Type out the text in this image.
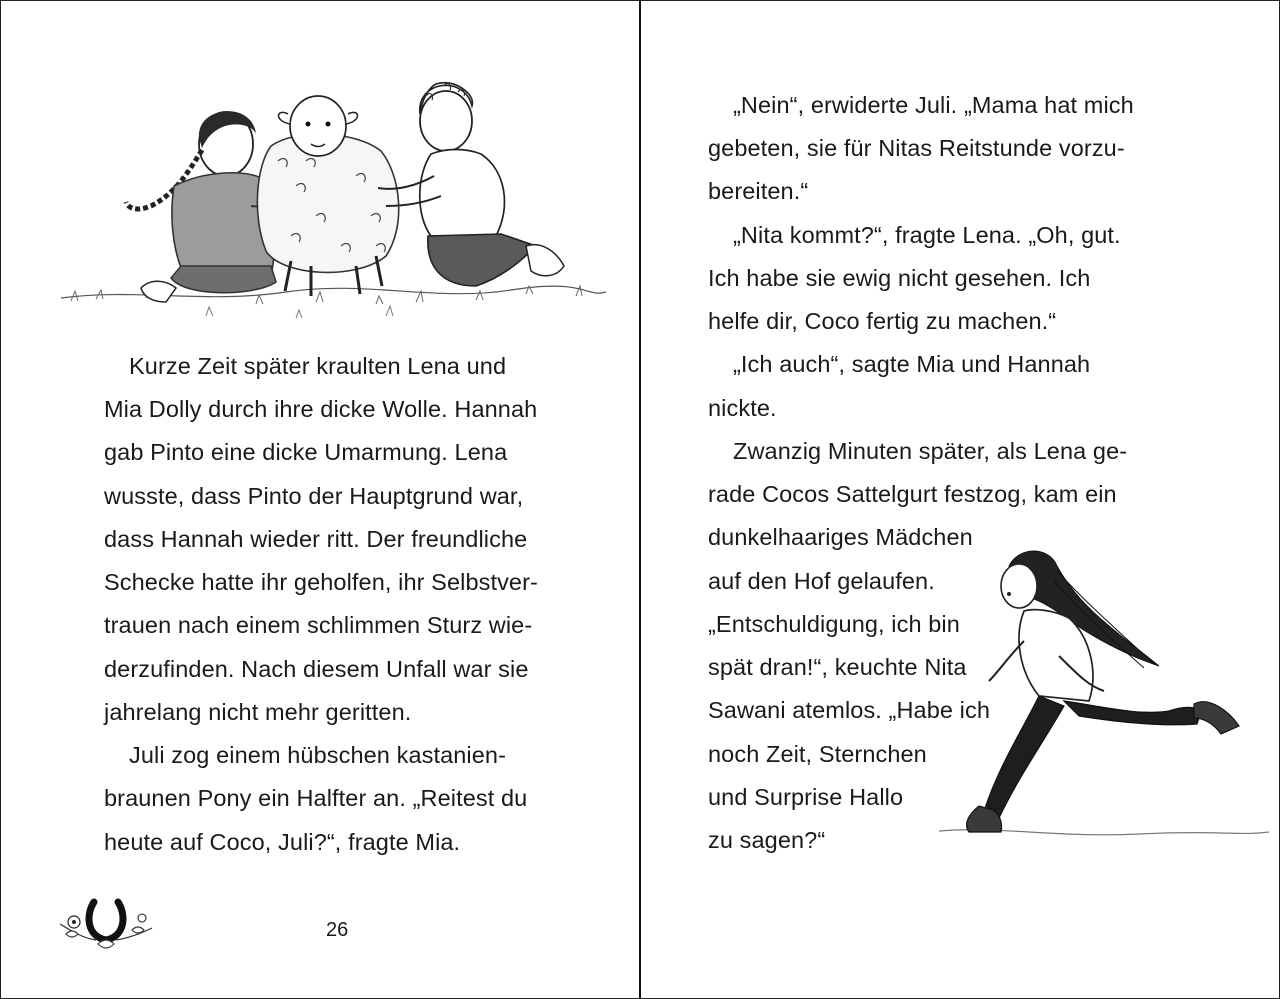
Kurze Zeit später kraulten Lena und
Mia Dolly durch ihre dicke Wolle. Hannah
gab Pinto eine dicke Umarmung. Lena
wusste, dass Pinto der Hauptgrund war,
dass Hannah wieder ritt. Der freundliche
Schecke hatte ihr geholfen, ihr Selbstver-
trauen nach einem schlimmen Sturz wie-
derzufinden. Nach diesem Unfall war sie
jahrelang nicht mehr geritten.
Juli zog einem hübschen kastanien-
braunen Pony ein Halfter an. „Reitest du
heute auf Coco, Juli?“, fragte Mia.
26
„Nein“, erwiderte Juli. „Mama hat mich
gebeten, sie für Nitas Reitstunde vorzu-
bereiten.“
„Nita kommt?“, fragte Lena. „Oh, gut.
Ich habe sie ewig nicht gesehen. Ich
helfe dir, Coco fertig zu machen.“
„Ich auch“, sagte Mia und Hannah
nickte.
Zwanzig Minuten später, als Lena ge-
rade Cocos Sattelgurt festzog, kam ein
dunkelhaariges Mädchen
auf den Hof gelaufen.
„Entschuldigung, ich bin
spät dran!“, keuchte Nita
Sawani atemlos. „Habe ich
noch Zeit, Sternchen
und Surprise Hallo
zu sagen?“
